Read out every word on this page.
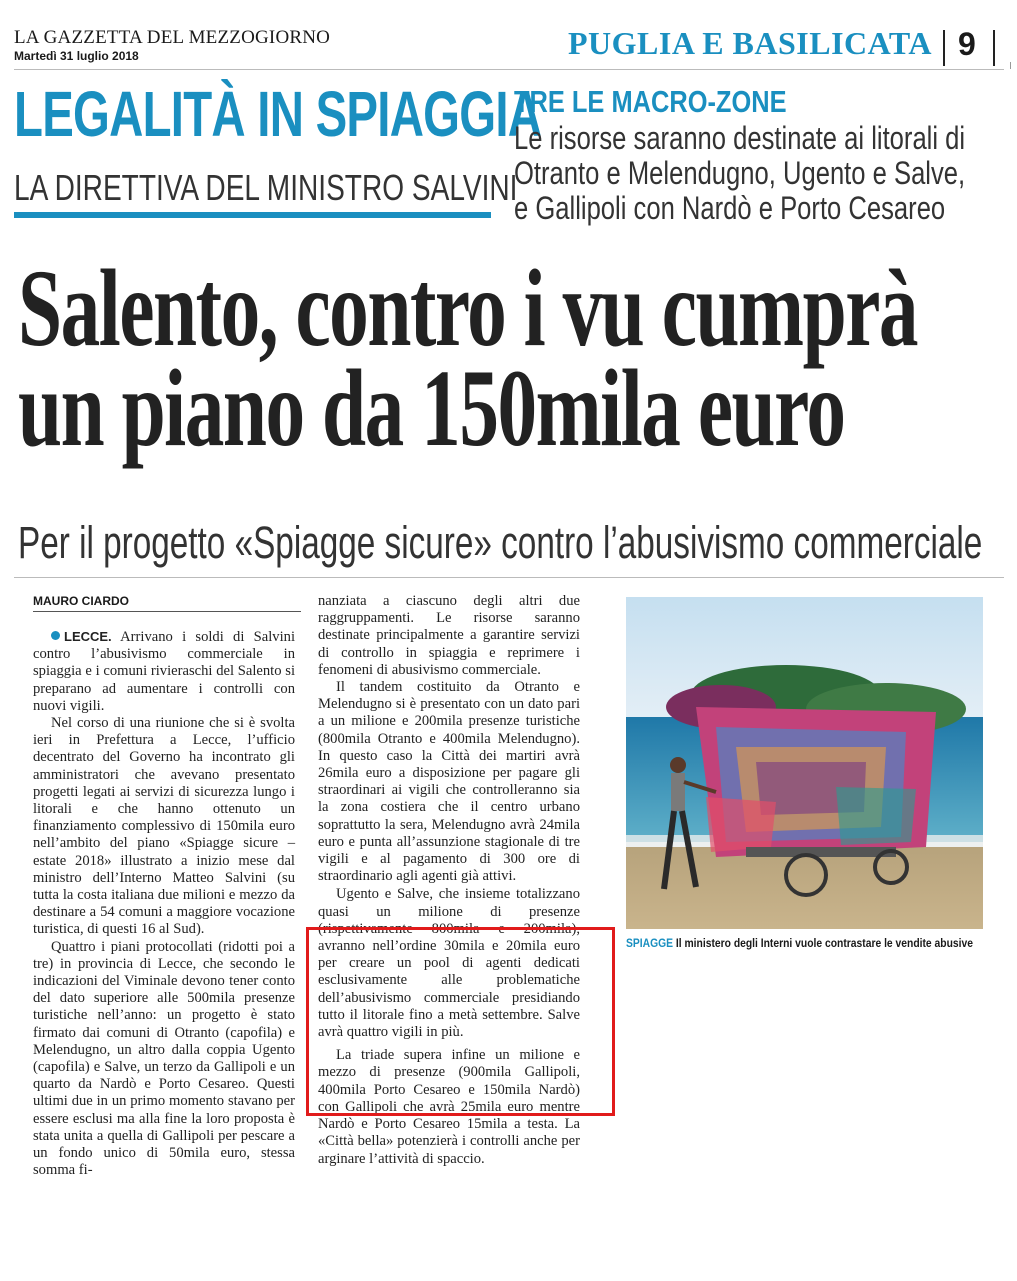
LA GAZZETTA DEL MEZZOGIORNO
Martedì 31 luglio 2018	PUGLIA E BASILICATA 9
LEGALITÀ IN SPIAGGIA
LA DIRETTIVA DEL MINISTRO SALVINI
TRE LE MACRO-ZONE
Le risorse saranno destinate ai litorali di Otranto e Melendugno, Ugento e Salve, e Gallipoli con Nardò e Porto Cesareo
Salento, contro i vu cumprà
un piano da 150mila euro
Per il progetto «Spiagge sicure» contro l’abusivismo commerciale
MAURO CIARDO

LECCE. Arrivano i soldi di Salvini contro l’abusivismo commerciale in spiaggia e i comuni rivieraschi del Salento si preparano ad aumentare i controlli con nuovi vigili.

Nel corso di una riunione che si è svolta ieri in Prefettura a Lecce, l’ufficio decentrato del Governo ha incontrato gli amministratori che avevano presentato progetti legati ai servizi di sicurezza lungo i litorali e che hanno ottenuto un finanziamento complessivo di 150mila euro nell’ambito del piano «Spiagge sicure – estate 2018» illustrato a inizio mese dal ministro dell’Interno Matteo Salvini (su tutta la costa italiana due milioni e mezzo da destinare a 54 comuni a maggiore vocazione turistica, di questi 16 al Sud).

Quattro i piani protocollati (ridotti poi a tre) in provincia di Lecce, che secondo le indicazioni del Viminale devono tener conto del dato superiore alle 500mila presenze turistiche nell’anno: un progetto è stato firmato dai comuni di Otranto (capofila) e Melendugno, un altro dalla coppia Ugento (capofila) e Salve, un terzo da Gallipoli e un quarto da Nardò e Porto Cesareo. Questi ultimi due in un primo momento stavano per essere esclusi ma alla fine la loro proposta è stata unita a quella di Gallipoli per pescare a un fondo unico di 50mila euro, stessa somma fi-

nanziata a ciascuno degli altri due raggruppamenti. Le risorse saranno destinate principalmente a garantire servizi di controllo in spiaggia e reprimere i fenomeni di abusivismo commerciale.

Il tandem costituito da Otranto e Melendugno si è presentato con un dato pari a un milione e 200mila presenze turistiche (800mila Otranto e 400mila Melendugno). In questo caso la Città dei martiri avrà 26mila euro a disposizione per pagare gli straordinari ai vigili che controlleranno sia la zona costiera che il centro urbano soprattutto la sera, Melendugno avrà 24mila euro e punta all’assunzione stagionale di tre vigili e al pagamento di 300 ore di straordinario agli agenti già attivi.

Ugento e Salve, che insieme totalizzano quasi un milione di presenze (rispettivamente 800mila e 200mila), avranno nell’ordine 30mila e 20mila euro per creare un pool di agenti dedicati esclusivamente alle problematiche dell’abusivismo commerciale presidiando tutto il litorale fino a metà settembre. Salve avrà quattro vigili in più.

La triade supera infine un milione e mezzo di presenze (900mila Gallipoli, 400mila Porto Cesareo e 150mila Nardò) con Gallipoli che avrà 25mila euro mentre Nardò e Porto Cesareo 15mila a testa. La «Città bella» potenzierà i controlli anche per arginare l’attività di spaccio.

SPIAGGE Il ministero degli Interni vuole contrastare le vendite abusive
